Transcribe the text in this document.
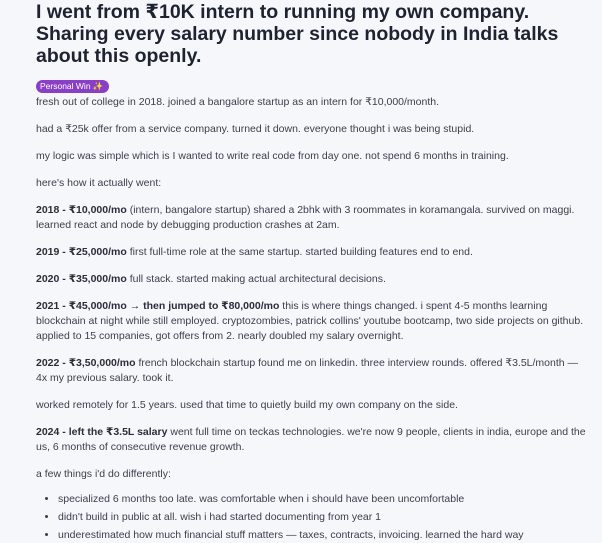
I went from ₹10K intern to running my own company. Sharing every salary number since nobody in India talks about this openly.
Personal Win ✨

fresh out of college in 2018. joined a bangalore startup as an intern for ₹10,000/month.

had a ₹25k offer from a service company. turned it down. everyone thought i was being stupid.

my logic was simple which is I wanted to write real code from day one. not spend 6 months in training.

here's how it actually went:

2018 - ₹10,000/mo (intern, bangalore startup) shared a 2bhk with 3 roommates in koramangala. survived on maggi. learned react and node by debugging production crashes at 2am.

2019 - ₹25,000/mo first full-time role at the same startup. started building features end to end.

2020 - ₹35,000/mo full stack. started making actual architectural decisions.

2021 - ₹45,000/mo → then jumped to ₹80,000/mo this is where things changed. i spent 4-5 months learning blockchain at night while still employed. cryptozombies, patrick collins' youtube bootcamp, two side projects on github. applied to 15 companies, got offers from 2. nearly doubled my salary overnight.

2022 - ₹3,50,000/mo french blockchain startup found me on linkedin. three interview rounds. offered ₹3.5L/month — 4x my previous salary. took it.

worked remotely for 1.5 years. used that time to quietly build my own company on the side.

2024 - left the ₹3.5L salary went full time on teckas technologies. we're now 9 people, clients in india, europe and the us, 6 months of consecutive revenue growth.

a few things i'd do differently:

• specialized 6 months too late. was comfortable when i should have been uncomfortable
• didn't build in public at all. wish i had started documenting from year 1
• underestimated how much financial stuff matters — taxes, contracts, invoicing. learned the hard way
